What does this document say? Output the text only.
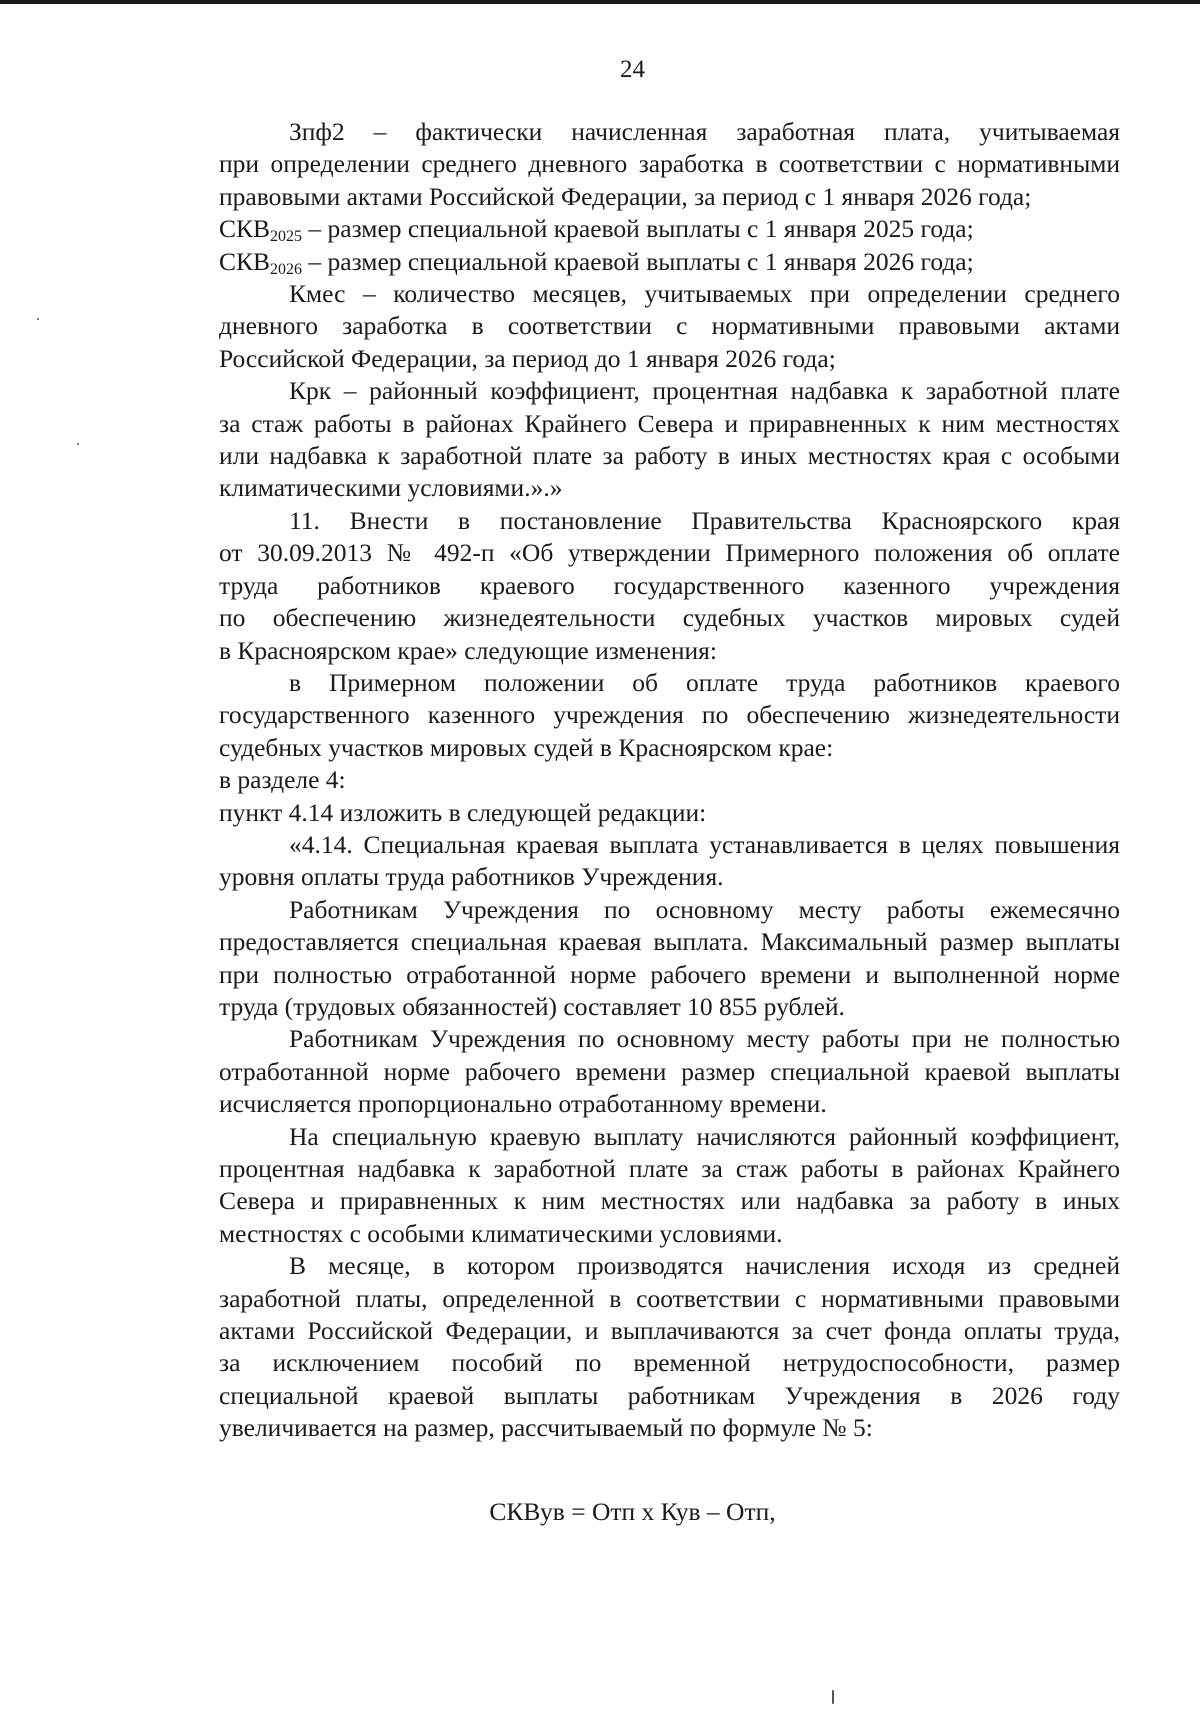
24

Зпф2 – фактически начисленная заработная плата, учитываемая
при определении среднего дневного заработка в соответствии с нормативными
правовыми актами Российской Федерации, за период с 1 января 2026 года;

$СКВ_{2025}$ – размер специальной краевой выплаты с 1 января 2025 года;

$СКВ_{2026}$ – размер специальной краевой выплаты с 1 января 2026 года;

Кмес – количество месяцев, учитываемых при определении среднего
дневного заработка в соответствии с нормативными правовыми актами
Российской Федерации, за период до 1 января 2026 года;

Крк – районный коэффициент, процентная надбавка к заработной плате
за стаж работы в районах Крайнего Севера и приравненных к ним местностях
или надбавка к заработной плате за работу в иных местностях края с особыми
климатическими условиями.».»

11. Внести в постановление Правительства Красноярского края
от 30.09.2013 № 492-п «Об утверждении Примерного положения об оплате
труда работников краевого государственного казенного учреждения
по обеспечению жизнедеятельности судебных участков мировых судей
в Красноярском крае» следующие изменения:

в Примерном положении об оплате труда работников краевого
государственного казенного учреждения по обеспечению жизнедеятельности
судебных участков мировых судей в Красноярском крае:

в разделе 4:

пункт 4.14 изложить в следующей редакции:

«4.14. Специальная краевая выплата устанавливается в целях повышения
уровня оплаты труда работников Учреждения.

Работникам Учреждения по основному месту работы ежемесячно
предоставляется специальная краевая выплата. Максимальный размер выплаты
при полностью отработанной норме рабочего времени и выполненной норме
труда (трудовых обязанностей) составляет 10 855 рублей.

Работникам Учреждения по основному месту работы при не полностью
отработанной норме рабочего времени размер специальной краевой выплаты
исчисляется пропорционально отработанному времени.

На специальную краевую выплату начисляются районный коэффициент,
процентная надбавка к заработной плате за стаж работы в районах Крайнего
Севера и приравненных к ним местностях или надбавка за работу в иных
местностях с особыми климатическими условиями.

В месяце, в котором производятся начисления исходя из средней
заработной платы, определенной в соответствии с нормативными правовыми
актами Российской Федерации, и выплачиваются за счет фонда оплаты труда,
за исключением пособий по временной нетрудоспособности, размер
специальной краевой выплаты работникам Учреждения в 2026 году
увеличивается на размер, рассчитываемый по формуле № 5:

СКВув = Отп х Кув – Отп,
